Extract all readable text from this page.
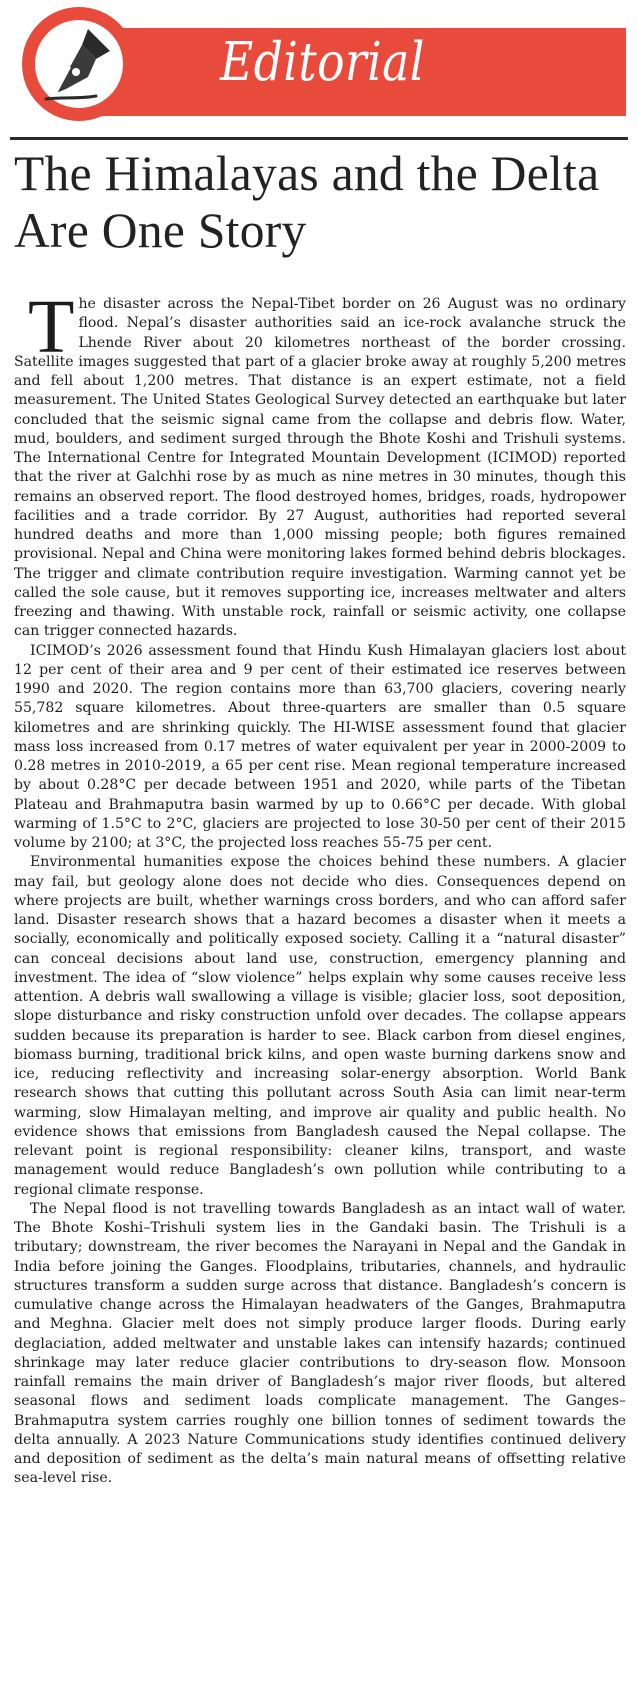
Editorial
The Himalayas and the Delta Are One Story

The disaster across the Nepal-Tibet border on 26 August was no ordinary flood. Nepal’s disaster authorities said an ice-rock avalanche struck the Lhende River about 20 kilometres northeast of the border crossing. Satellite images suggested that part of a glacier broke away at roughly 5,200 metres and fell about 1,200 metres. That distance is an expert estimate, not a field measurement. The United States Geological Survey detected an earthquake but later concluded that the seismic signal came from the collapse and debris flow. Water, mud, boulders, and sediment surged through the Bhote Koshi and Trishuli systems. The International Centre for Integrated Mountain Development (ICIMOD) reported that the river at Galchhi rose by as much as nine metres in 30 minutes, though this remains an observed report. The flood destroyed homes, bridges, roads, hydropower facilities and a trade corridor. By 27 August, authorities had reported several hundred deaths and more than 1,000 missing people; both figures remained provisional. Nepal and China were monitoring lakes formed behind debris blockages. The trigger and climate contribution require investigation. Warming cannot yet be called the sole cause, but it removes supporting ice, increases meltwater and alters freezing and thawing. With unstable rock, rainfall or seismic activity, one collapse can trigger connected hazards.

ICIMOD’s 2026 assessment found that Hindu Kush Himalayan glaciers lost about 12 per cent of their area and 9 per cent of their estimated ice reserves between 1990 and 2020. The region contains more than 63,700 glaciers, covering nearly 55,782 square kilometres. About three-quarters are smaller than 0.5 square kilometres and are shrinking quickly. The HI-WISE assessment found that glacier mass loss increased from 0.17 metres of water equivalent per year in 2000-2009 to 0.28 metres in 2010-2019, a 65 per cent rise. Mean regional temperature increased by about 0.28°C per decade between 1951 and 2020, while parts of the Tibetan Plateau and Brahmaputra basin warmed by up to 0.66°C per decade. With global warming of 1.5°C to 2°C, glaciers are projected to lose 30-50 per cent of their 2015 volume by 2100; at 3°C, the projected loss reaches 55-75 per cent.

Environmental humanities expose the choices behind these numbers. A glacier may fail, but geology alone does not decide who dies. Consequences depend on where projects are built, whether warnings cross borders, and who can afford safer land. Disaster research shows that a hazard becomes a disaster when it meets a socially, economically and politically exposed society. Calling it a “natural disaster” can conceal decisions about land use, construction, emergency planning and investment. The idea of “slow violence” helps explain why some causes receive less attention. A debris wall swallowing a village is visible; glacier loss, soot deposition, slope disturbance and risky construction unfold over decades. The collapse appears sudden because its preparation is harder to see. Black carbon from diesel engines, biomass burning, traditional brick kilns, and open waste burning darkens snow and ice, reducing reflectivity and increasing solar-energy absorption. World Bank research shows that cutting this pollutant across South Asia can limit near-term warming, slow Himalayan melting, and improve air quality and public health. No evidence shows that emissions from Bangladesh caused the Nepal collapse. The relevant point is regional responsibility: cleaner kilns, transport, and waste management would reduce Bangladesh’s own pollution while contributing to a regional climate response.

The Nepal flood is not travelling towards Bangladesh as an intact wall of water. The Bhote Koshi–Trishuli system lies in the Gandaki basin. The Trishuli is a tributary; downstream, the river becomes the Narayani in Nepal and the Gandak in India before joining the Ganges. Floodplains, tributaries, channels, and hydraulic structures transform a sudden surge across that distance. Bangladesh’s concern is cumulative change across the Himalayan headwaters of the Ganges, Brahmaputra and Meghna. Glacier melt does not simply produce larger floods. During early deglaciation, added meltwater and unstable lakes can intensify hazards; continued shrinkage may later reduce glacier contributions to dry-season flow. Monsoon rainfall remains the main driver of Bangladesh’s major river floods, but altered seasonal flows and sediment loads complicate management. The Ganges–Brahmaputra system carries roughly one billion tonnes of sediment towards the delta annually. A 2023 Nature Communications study identifies continued delivery and deposition of sediment as the delta’s main natural means of offsetting relative sea-level rise.
